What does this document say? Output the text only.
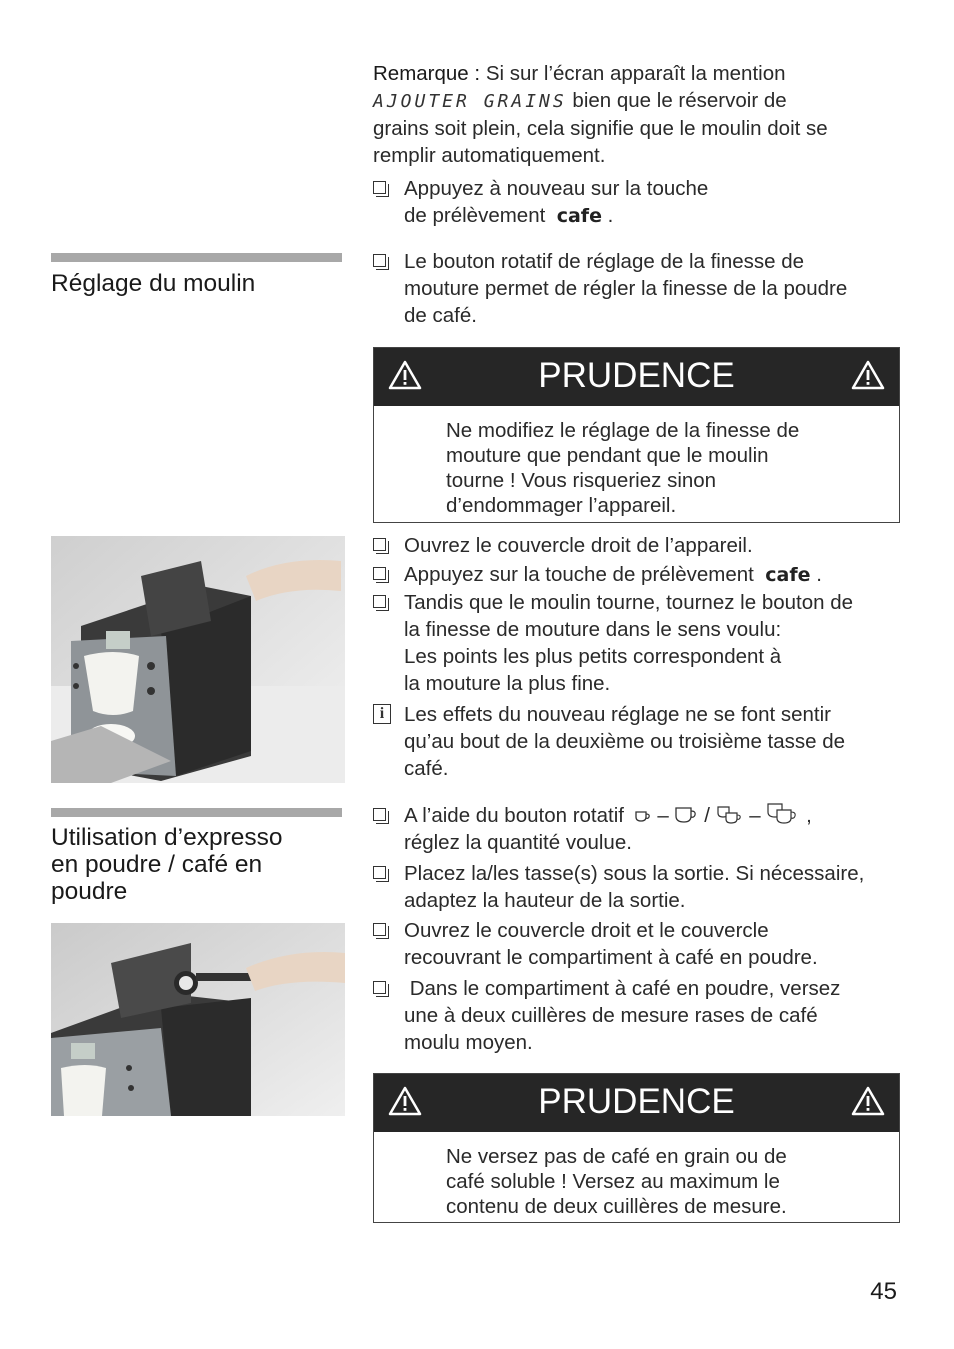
Remarque : Si sur l’écran apparaît la mention
AJOUTER GRAINS bien que le réservoir de
grains soit plein, cela signifie que le moulin doit se
remplir automatiquement.
Appuyez à nouveau sur la touche
de prélèvement cafe .
Réglage du moulin
Le bouton rotatif de réglage de la finesse de
mouture permet de régler la finesse de la poudre
de café.
PRUDENCE
Ne modifiez le réglage de la finesse de
mouture que pendant que le moulin
tourne ! Vous risqueriez sinon
d’endommager l’appareil.
Ouvrez le couvercle droit de l’appareil.
Appuyez sur la touche de prélèvement cafe .
Tandis que le moulin tourne, tournez le bouton de
la finesse de mouture dans le sens voulu:
Les points les plus petits correspondent à
la mouture la plus fine.
i Les effets du nouveau réglage ne se font sentir
qu’au bout de la deuxième ou troisième tasse de
café.
Utilisation d’expresso
en poudre / café en
poudre
A l’aide du bouton rotatif – / – ,
réglez la quantité voulue.
Placez la/les tasse(s) sous la sortie. Si nécessaire,
adaptez la hauteur de la sortie.
Ouvrez le couvercle droit et le couvercle
recouvrant le compartiment à café en poudre.
Dans le compartiment à café en poudre, versez
une à deux cuillères de mesure rases de café
moulu moyen.
PRUDENCE
Ne versez pas de café en grain ou de
café soluble ! Versez au maximum le
contenu de deux cuillères de mesure.
45
